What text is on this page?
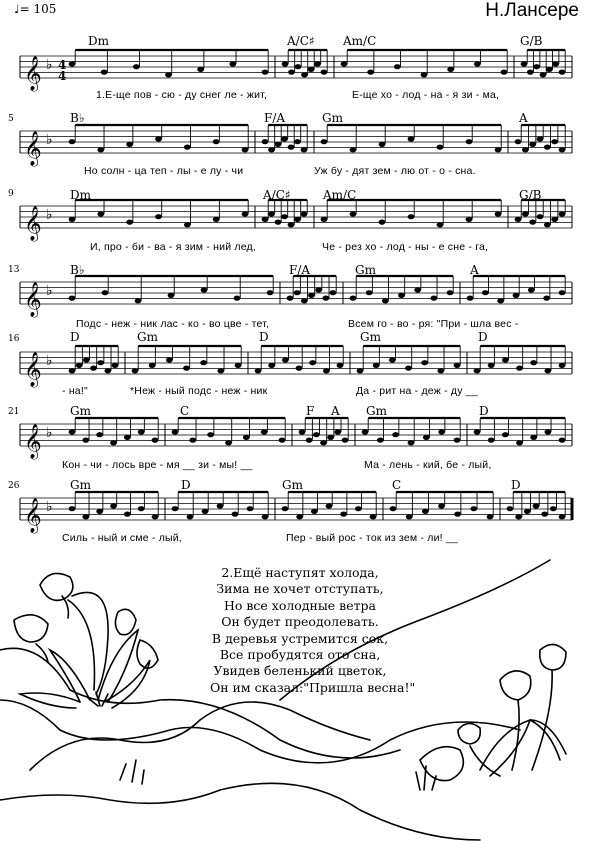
♩= 105	Н.Лансере
𝄞 ♭
𝄞 ♭
𝄞 ♭
𝄞 ♭
𝄞 ♭
𝄞 ♭
𝄞 ♭
4
4
Dm	A/C♯ Am/C	G/B
1.Е-ще пов - сю - ду снег ле - жит,	Е-ще хо - лод - на - я зи - ма,
5	B♭	F/A	Gm	A
Но солн - ца теп - лы - е лу - чи	Уж бу - дят зем - лю от - о - сна.
9	Dm	A/C♯	Am/C	G/B
И, про - би - ва - я зим - ний лед,	Че - рез хо - лод - ны - е сне - га,
13	B♭	F/A	Gm	A
Подс - неж - ник лас - ко - во цве - тет,	Всем го - во - ря: "При - шла вес -
16	D	Gm	D	Gm	D
- на!"	*Неж - ный подс - неж - ник	Да - рит на - деж - ду __
21	Gm	C	F A Gm	D
Кон - чи - лось вре - мя __ зи - мы! __	Ма - лень - кий, бе - лый,
26	Gm	D	Gm	C	D
Силь - ный и сме - лый,	Пер - вый рос - ток из зем - ли! __
2.Ещё наступят холода,
Зима не хочет отступать,
Но все холодные ветра
Он будет преодолевать.
В деревья устремится сок,
Все пробудятся ото сна,
Увидев беленький цветок,
Он им сказал:"Пришла весна!"
